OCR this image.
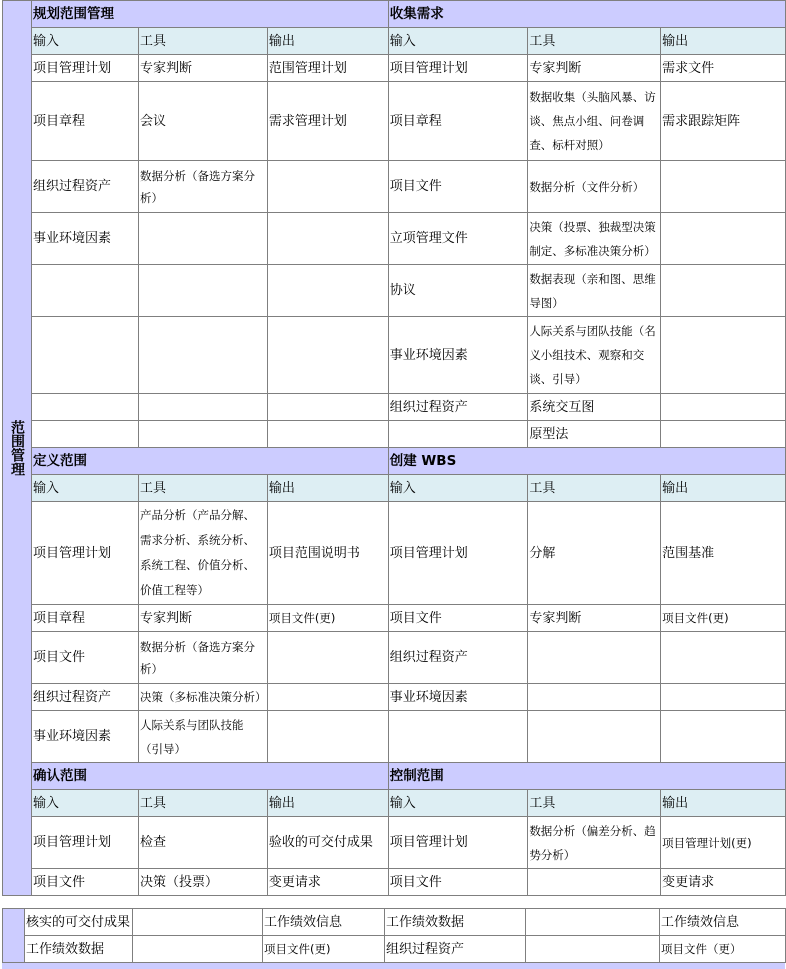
范围管理	规划范围管理			收集需求		
	输入	工具	输出	输入	工具	输出
	项目管理计划	专家判断	范围管理计划	项目管理计划	专家判断	需求文件
	项目章程	会议	需求管理计划	项目章程	数据收集（头脑风暴、访谈、焦点小组、问卷调查、标杆对照）	需求跟踪矩阵
	组织过程资产	数据分析（备选方案分析）		项目文件	数据分析（文件分析）	
	事业环境因素			立项管理文件	决策（投票、独裁型决策制定、多标准决策分析）	
				协议	数据表现（亲和图、思维导图）	
				事业环境因素	人际关系与团队技能（名义小组技术、观察和交谈、引导）	
				组织过程资产	系统交互图	
					原型法	
	定义范围			创建 WBS		
	输入	工具	输出	输入	工具	输出
	项目管理计划	产品分析（产品分解、需求分析、系统分析、系统工程、价值分析、价值工程等）	项目范围说明书	项目管理计划	分解	范围基准
	项目章程	专家判断	项目文件(更)	项目文件	专家判断	项目文件(更)
	项目文件	数据分析（备选方案分析）		组织过程资产		
	组织过程资产	决策（多标准决策分析）		事业环境因素		
	事业环境因素	人际关系与团队技能（引导）				
	确认范围			控制范围		
	输入	工具	输出	输入	工具	输出
	项目管理计划	检查	验收的可交付成果	项目管理计划	数据分析（偏差分析、趋势分析）	项目管理计划(更)
	项目文件	决策（投票）	变更请求	项目文件		变更请求
	核实的可交付成果		工作绩效信息	工作绩效数据		工作绩效信息
	工作绩效数据		项目文件(更)	组织过程资产		项目文件（更）
